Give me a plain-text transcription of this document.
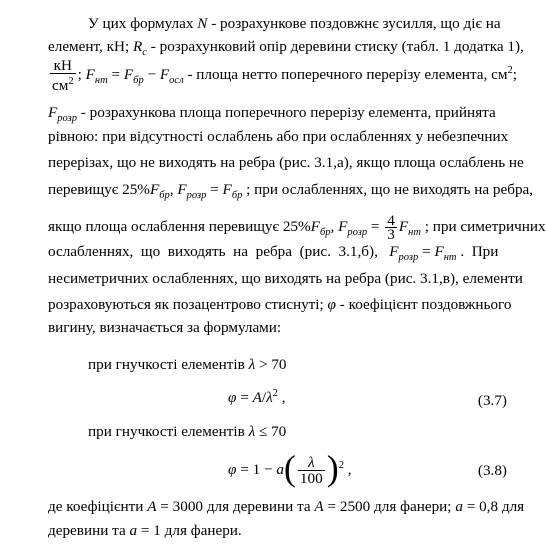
У цих формулах N - розрахункове поздовжнє зусилля, що діє на
елемент, кН; $R_c$ - розрахунковий опір деревини стиску (табл. 1 додатка 1),
$\frac{кН}{см^2}$ ; $F_{нт} = F_{бр} - F_{осл}$ - площа нетто поперечного перерізу елемента, $см^2$;
$F_{розр}$ - розрахункова площа поперечного перерізу елемента, прийнята
рівною: при відсутності ослаблень або при ослабленнях у небезпечних
перерізах, що не виходять на ребра (рис. 3.1,а), якщо площа ослаблень не
перевищує $25\%F_{бр}$, $F_{розр} = F_{бр}$ ; при ослабленнях, що не виходять на ребра,
якщо площа ослаблення перевищує $25\%F_{бр}$, $F_{розр} = \frac{4}{3} F_{нт}$ ; при симетричних
ослабленнях,  що  виходять  на  ребра  (рис.  3.1,б),   $F_{розр} = F_{нт}$ .  При
несиметричних ослабленнях, що виходять на ребра (рис. 3.1,в), елементи
розраховуються як позацентрово стиснуті; φ - коефіцієнт поздовжнього
вигину, визначається за формулами:
при гнучкості елементів λ > 70
$\varphi = A/\lambda^2$ ,	(3.7)
при гнучкості елементів λ ≤ 70
$\varphi = 1 - a( \frac{\lambda}{100} )^2$ ,	(3.8)
де коефіцієнти A = 3000 для деревини та A = 2500 для фанери; a = 0,8 для
деревини та a = 1 для фанери.
